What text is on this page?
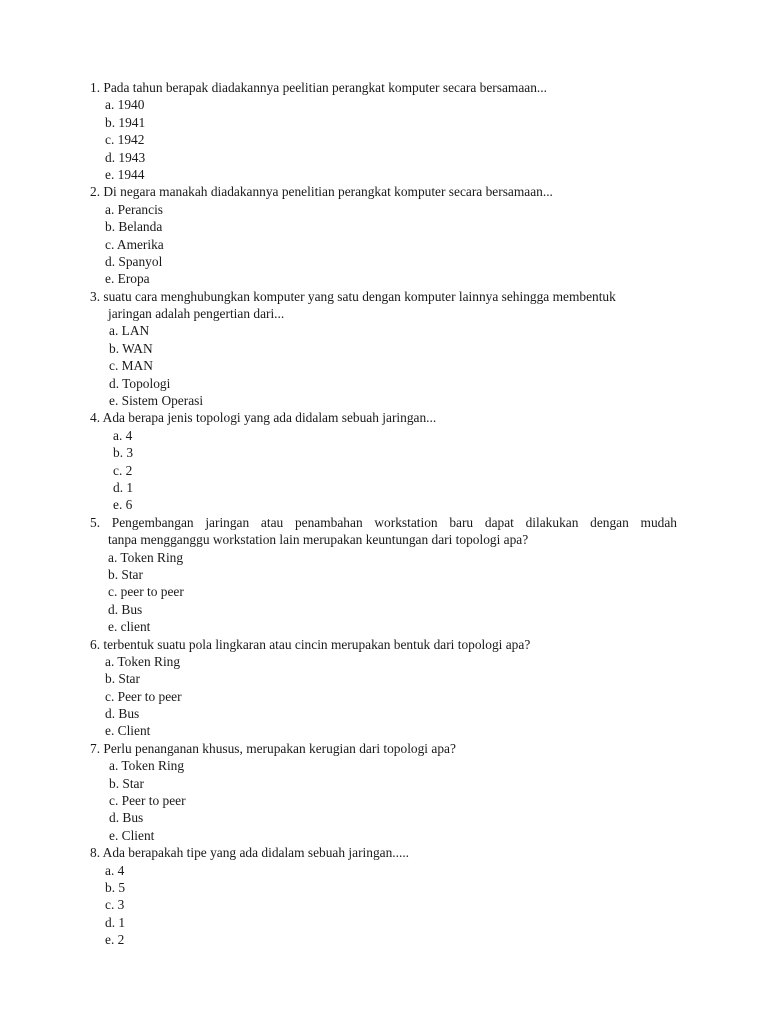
1. Pada tahun berapak diadakannya peelitian perangkat komputer secara bersamaan...
a. 1940
b. 1941
c. 1942
d. 1943
e. 1944
2. Di negara manakah diadakannya penelitian perangkat komputer secara bersamaan...
a. Perancis
b. Belanda
c. Amerika
d. Spanyol
e. Eropa
3. suatu cara menghubungkan komputer yang satu dengan komputer lainnya sehingga membentuk
jaringan adalah pengertian dari...
a. LAN
b. WAN
c. MAN
d. Topologi
e. Sistem Operasi
4. Ada berapa jenis topologi yang ada didalam sebuah jaringan...
a. 4
b. 3
c. 2
d. 1
e. 6
5. Pengembangan jaringan atau penambahan workstation baru dapat dilakukan dengan mudah
tanpa mengganggu workstation lain merupakan keuntungan dari topologi apa?
a. Token Ring
b. Star
c. peer to peer
d. Bus
e. client
6. terbentuk suatu pola lingkaran atau cincin merupakan bentuk dari topologi apa?
a. Token Ring
b. Star
c. Peer to peer
d. Bus
e. Client
7. Perlu penanganan khusus, merupakan kerugian dari topologi apa?
a. Token Ring
b. Star
c. Peer to peer
d. Bus
e. Client
8. Ada berapakah tipe yang ada didalam sebuah jaringan.....
a. 4
b. 5
c. 3
d. 1
e. 2
